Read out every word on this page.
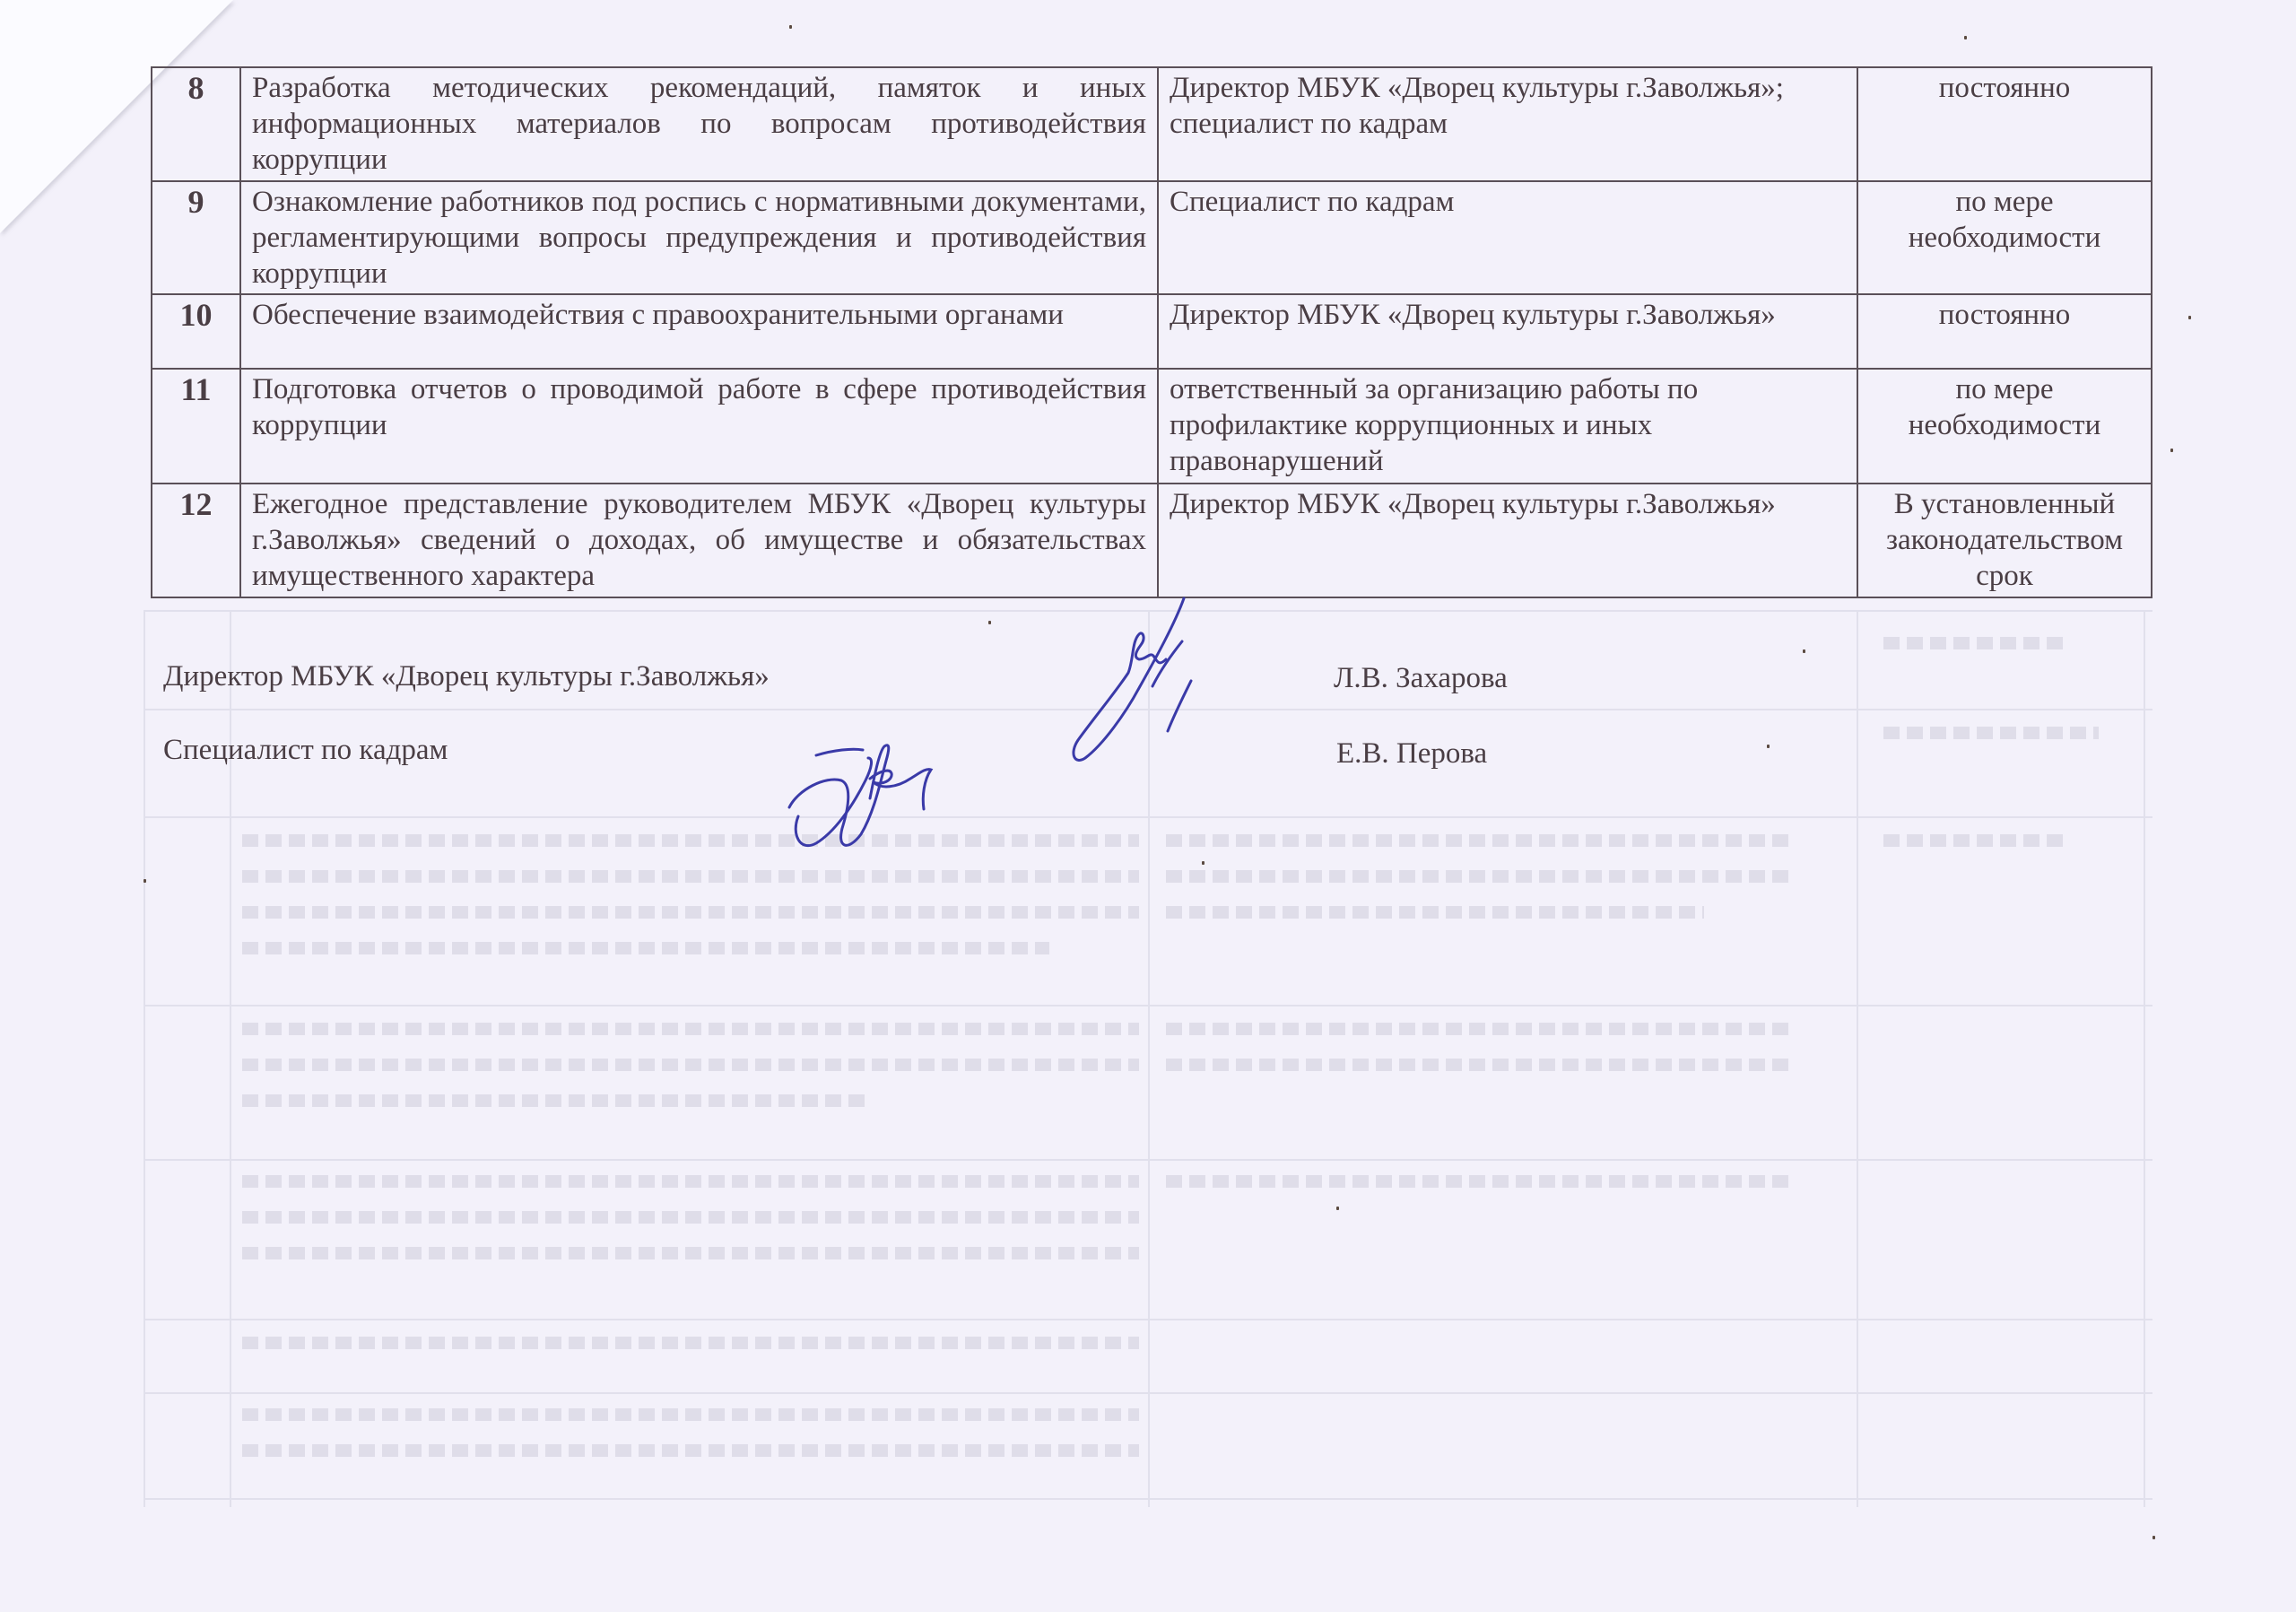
8	Разработка методических рекомендаций, памяток и иных информационных материалов по вопросам противодействия коррупции	Директор МБУК «Дворец культуры г.Заволжья»; специалист по кадрам	постоянно
9	Ознакомление работников под роспись с нормативными документами, регламентирующими вопросы предупреждения и противодействия коррупции	Специалист по кадрам	по мере необходимости
10	Обеспечение взаимодействия с правоохранительными органами	Директор МБУК «Дворец культуры г.Заволжья»	постоянно
11	Подготовка отчетов о проводимой работе в сфере противодействия коррупции	ответственный за организацию работы по профилактике коррупционных и иных правонарушений	по мере необходимости
12	Ежегодное представление руководителем МБУК «Дворец культуры г.Заволжья» сведений о доходах, об имуществе и обязательствах имущественного характера	Директор МБУК «Дворец культуры г.Заволжья»	В установленный законодательством срок
Директор МБУК «Дворец культуры г.Заволжья»	Л.В. Захарова
Специалист по кадрам	Е.В. Перова
